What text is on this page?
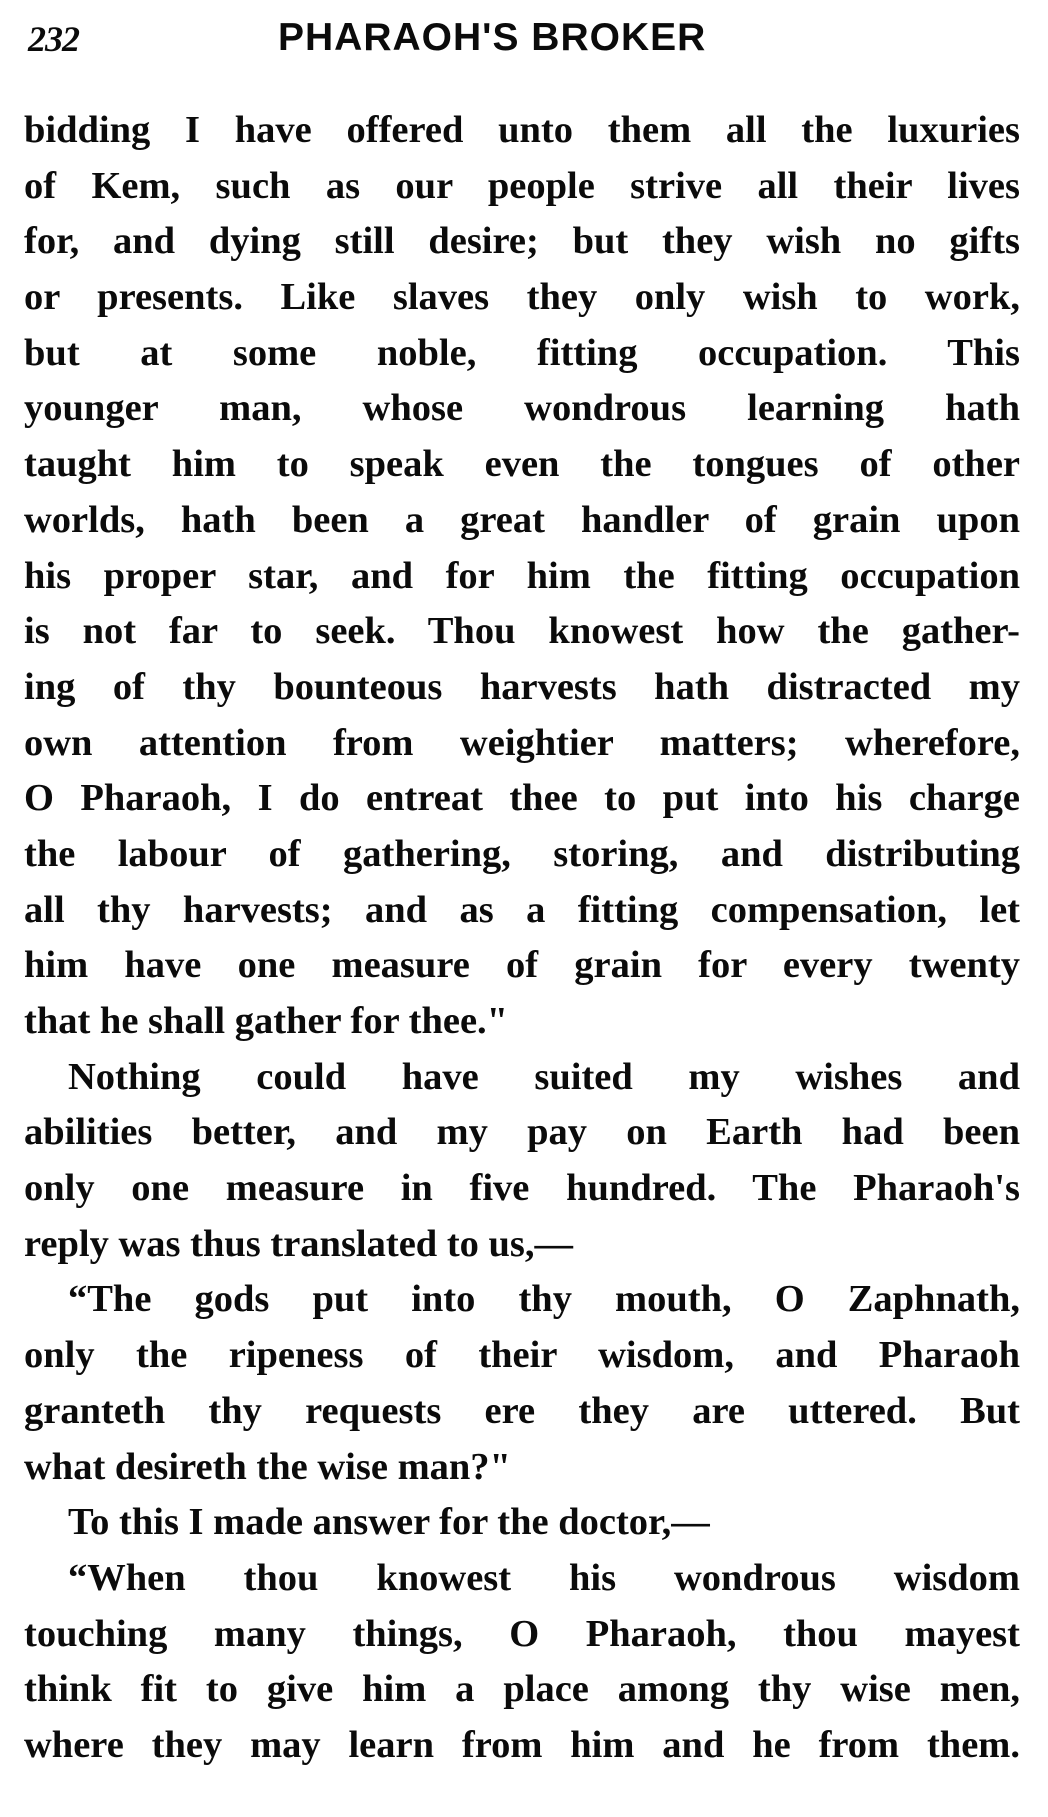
232	PHARAOH'S BROKER
bidding I have offered unto them all the luxuries
of Kem, such as our people strive all their lives
for, and dying still desire; but they wish no gifts
or presents. Like slaves they only wish to work,
but at some noble, fitting occupation. This
younger man, whose wondrous learning hath
taught him to speak even the tongues of other
worlds, hath been a great handler of grain upon
his proper star, and for him the fitting occupation
is not far to seek. Thou knowest how the gather-
ing of thy bounteous harvests hath distracted my
own attention from weightier matters; wherefore,
O Pharaoh, I do entreat thee to put into his charge
the labour of gathering, storing, and distributing
all thy harvests; and as a fitting compensation, let
him have one measure of grain for every twenty
that he shall gather for thee."
Nothing could have suited my wishes and
abilities better, and my pay on Earth had been
only one measure in five hundred. The Pharaoh's
reply was thus translated to us,—
“The gods put into thy mouth, O Zaphnath,
only the ripeness of their wisdom, and Pharaoh
granteth thy requests ere they are uttered. But
what desireth the wise man?"
To this I made answer for the doctor,—
“When thou knowest his wondrous wisdom
touching many things, O Pharaoh, thou mayest
think fit to give him a place among thy wise men,
where they may learn from him and he from them.
